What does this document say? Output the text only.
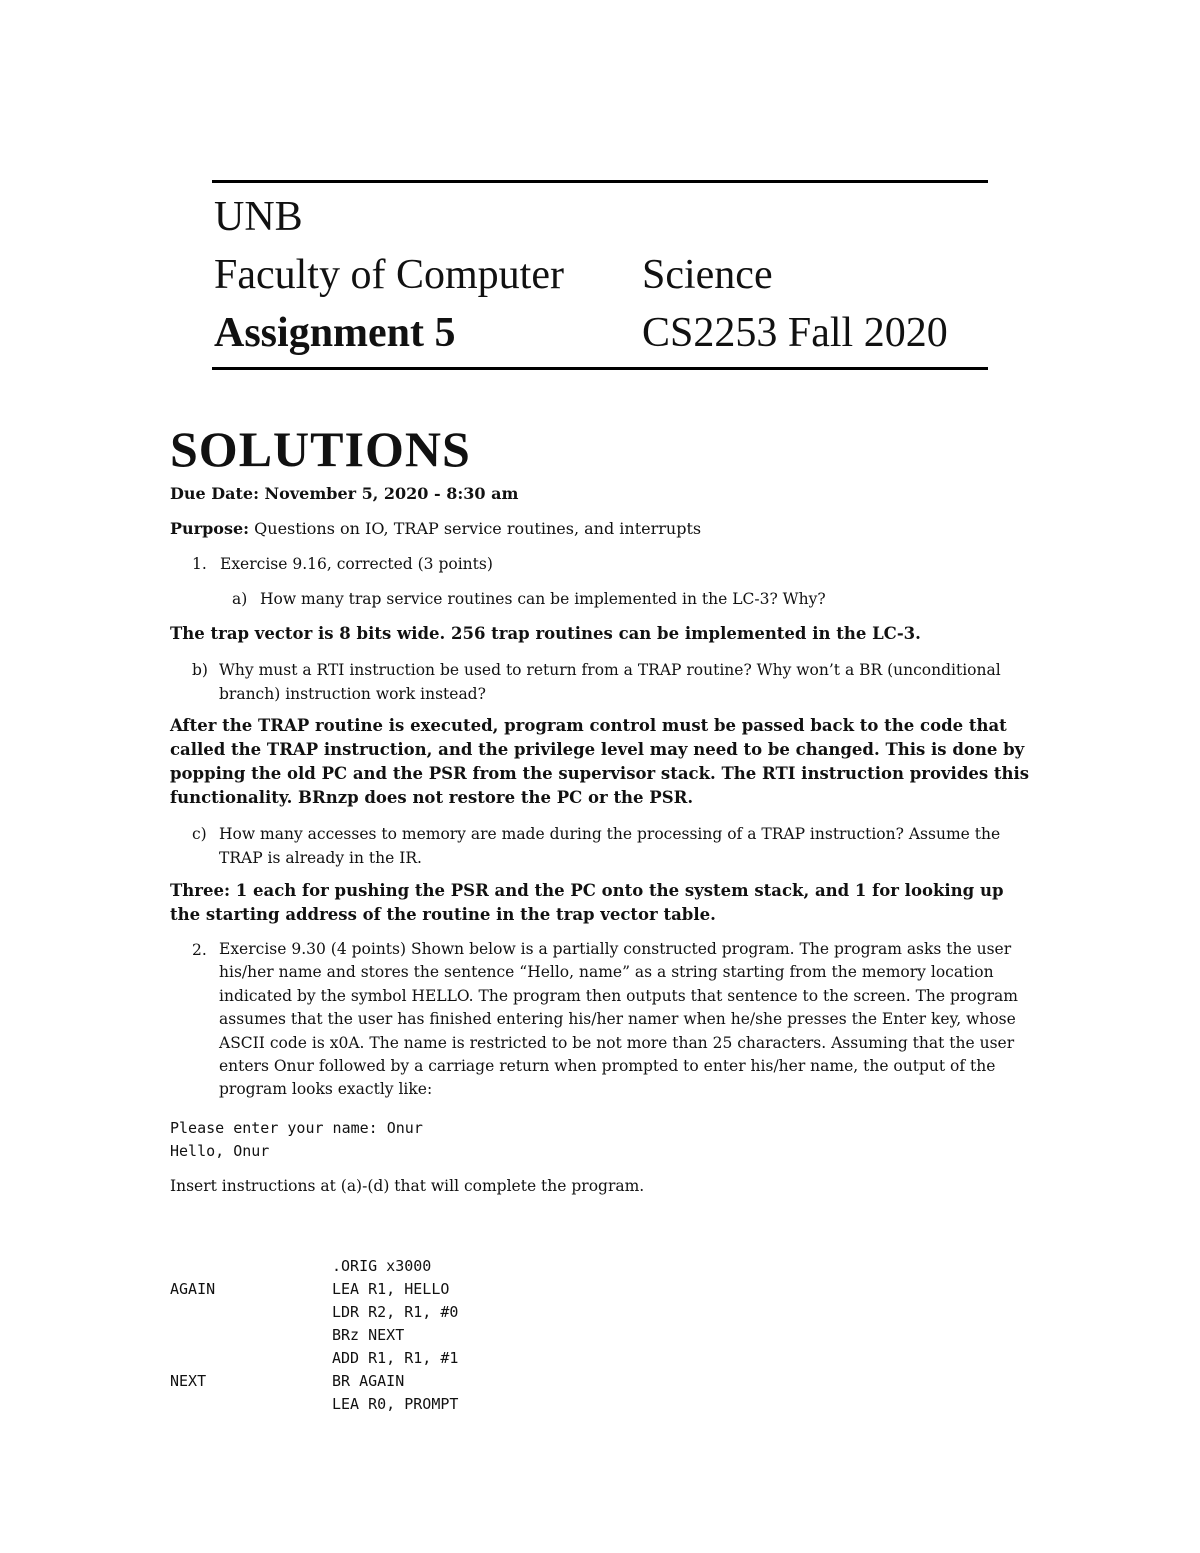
UNB
Faculty of Computer Science
Assignment 5	CS2253 Fall 2020
SOLUTIONS
Due Date: November 5, 2020 - 8:30 am
Purpose: Questions on IO, TRAP service routines, and interrupts
1. Exercise 9.16, corrected (3 points)
a) How many trap service routines can be implemented in the LC-3? Why?
The trap vector is 8 bits wide. 256 trap routines can be implemented in the LC-3.
b) Why must a RTI instruction be used to return from a TRAP routine? Why won’t a BR (unconditional branch) instruction work instead?
After the TRAP routine is executed, program control must be passed back to the code that called the TRAP instruction, and the privilege level may need to be changed. This is done by popping the old PC and the PSR from the supervisor stack. The RTI instruction provides this functionality. BRnzp does not restore the PC or the PSR.
c) How many accesses to memory are made during the processing of a TRAP instruction? Assume the TRAP is already in the IR.
Three: 1 each for pushing the PSR and the PC onto the system stack, and 1 for looking up the starting address of the routine in the trap vector table.
2. Exercise 9.30 (4 points) Shown below is a partially constructed program. The program asks the user his/her name and stores the sentence “Hello, name” as a string starting from the memory location indicated by the symbol HELLO. The program then outputs that sentence to the screen. The program assumes that the user has finished entering his/her namer when he/she presses the Enter key, whose ASCII code is x0A. The name is restricted to be not more than 25 characters. Assuming that the user enters Onur followed by a carriage return when prompted to enter his/her name, the output of the program looks exactly like:
Please enter your name: Onur
Hello, Onur
Insert instructions at (a)-(d) that will complete the program.

.ORIG x3000

LEA R1, HELLO

AGAIN

LDR R2, R1, #0

BRz NEXT

ADD R1, R1, #1

BR AGAIN

NEXT

LEA R0, PROMPT
